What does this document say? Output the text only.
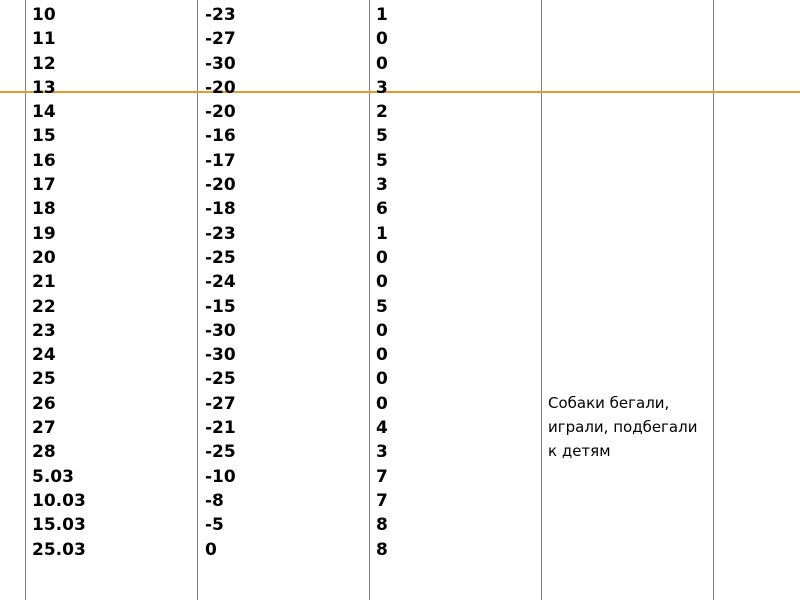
10
11
12
13
14
15
16
17
18
19
20
21
22
23
24
25
26
27
28
5.03
10.03
15.03
25.03
-23
-27
-30
-20
-20
-16
-17
-20
-18
-23
-25
-24
-15
-30
-30
-25
-27
-21
-25
-10
-8
-5
0
1
0
0
3
2
5
5
3
6
1
0
0
5
0
0
0
0
4
3
7
7
8
8
Собаки бегали, играли, подбегали к детям
